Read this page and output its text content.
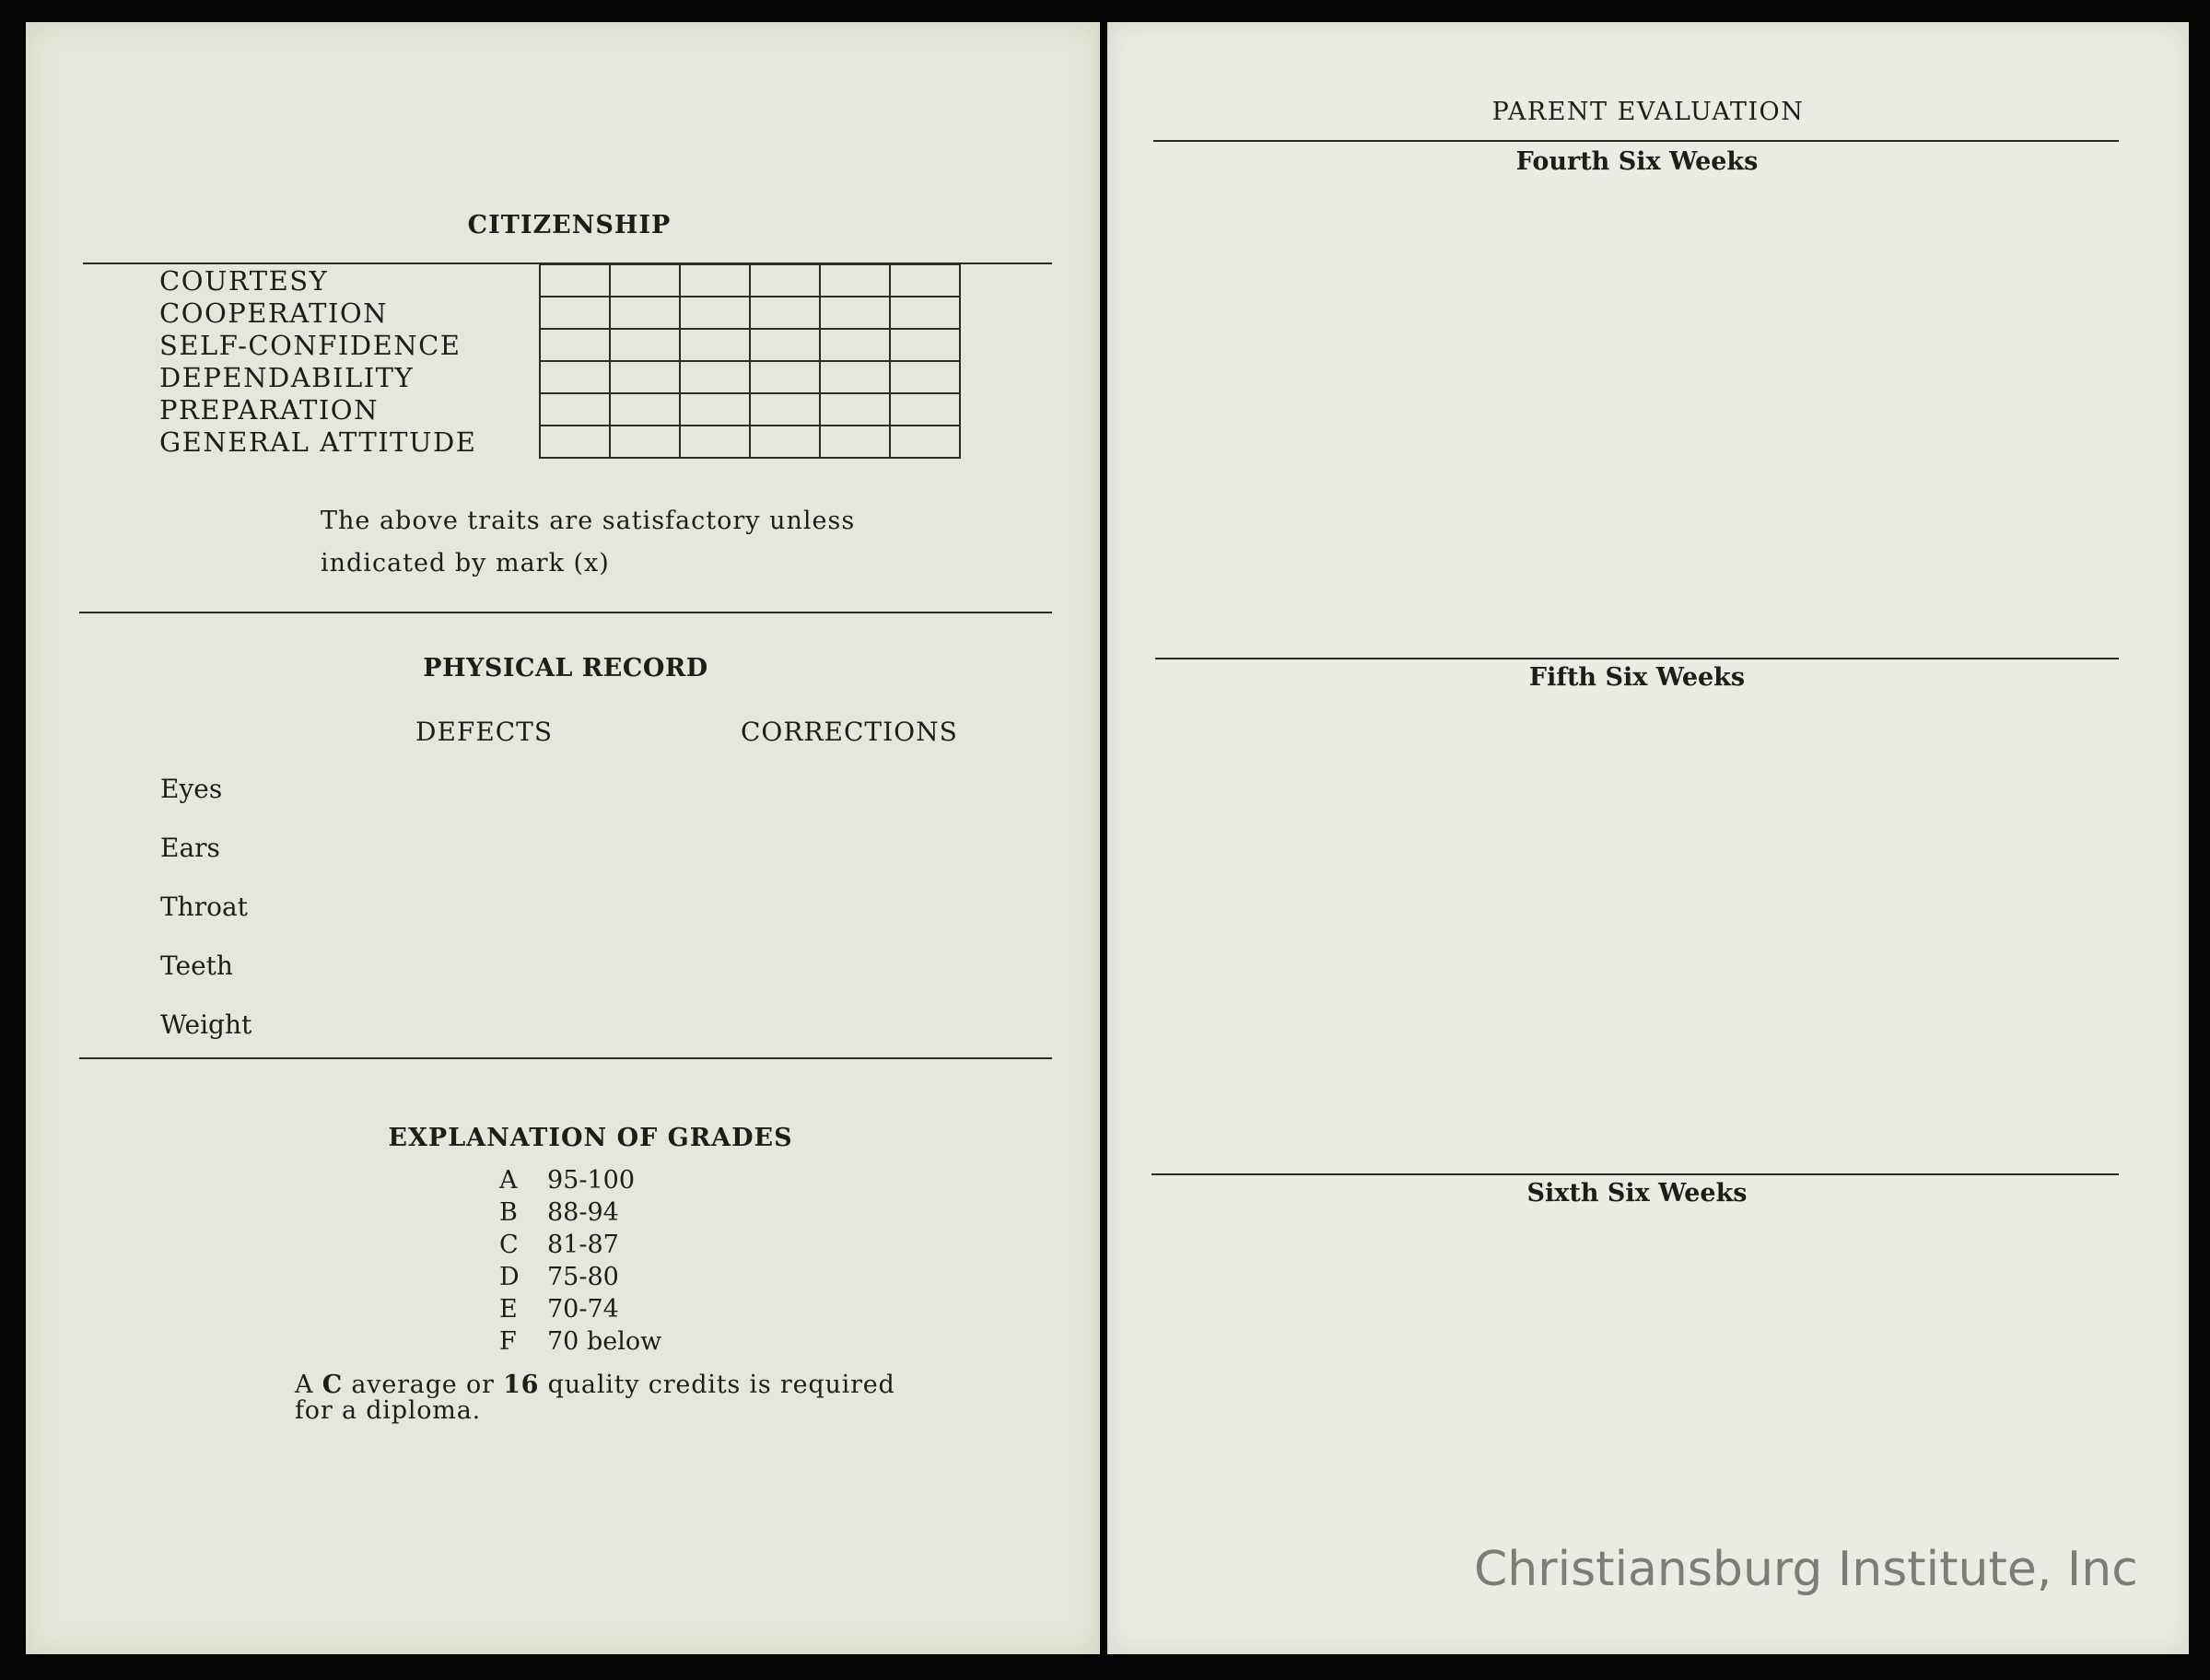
CITIZENSHIP
COURTESY
COOPERATION
SELF-CONFIDENCE
DEPENDABILITY
PREPARATION
GENERAL ATTITUDE

The above traits are satisfactory unless
indicated by mark (x)
PHYSICAL RECORD
DEFECTS	CORRECTIONS
Eyes
Ears
Throat
Teeth
Weight
EXPLANATION OF GRADES
A 95-100
B 88-94
C 81-87
D 75-80
E 70-74
F 70 below
A C average or 16 quality credits is required
for a diploma.
PARENT EVALUATION
Fourth Six Weeks
Fifth Six Weeks
Sixth Six Weeks
Christiansburg Institute, Inc
